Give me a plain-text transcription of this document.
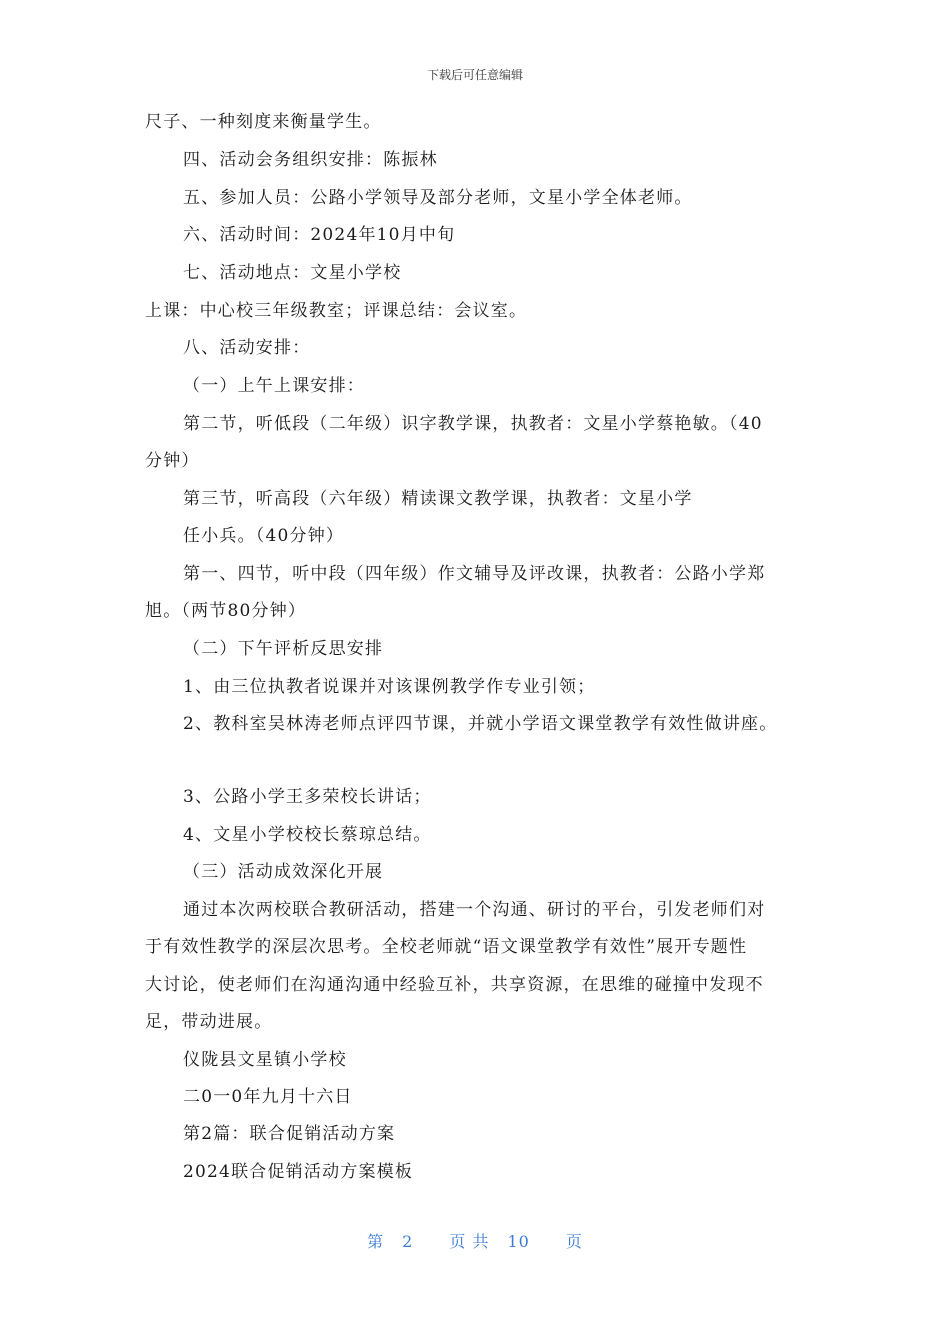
下载后可任意编辑
尺子、一种刻度来衡量学生。
四、活动会务组织安排：陈振林
五、参加人员：公路小学领导及部分老师，文星小学全体老师。
六、活动时间：2024年10月中旬
七、活动地点：文星小学校
上课：中心校三年级教室；评课总结：会议室。
八、活动安排：
（一）上午上课安排：
第二节，听低段（二年级）识字教学课，执教者：文星小学蔡艳敏。（40
分钟）
第三节，听高段（六年级）精读课文教学课，执教者：文星小学
任小兵。（40分钟）
第一、四节，听中段（四年级）作文辅导及评改课，执教者：公路小学郑
旭。（两节80分钟）
（二）下午评析反思安排
1、由三位执教者说课并对该课例教学作专业引领；
2、教科室吴林涛老师点评四节课，并就小学语文课堂教学有效性做讲座。
3、公路小学王多荣校长讲话；
4、文星小学校校长蔡琼总结。
（三）活动成效深化开展
通过本次两校联合教研活动，搭建一个沟通、研讨的平台，引发老师们对
于有效性教学的深层次思考。全校老师就“语文课堂教学有效性”展开专题性
大讨论，使老师们在沟通沟通中经验互补，共享资源，在思维的碰撞中发现不
足，带动进展。
仪陇县文星镇小学校
二0一0年九月十六日
第2篇：联合促销活动方案
2024联合促销活动方案模板
第 2 页 共 10 页
